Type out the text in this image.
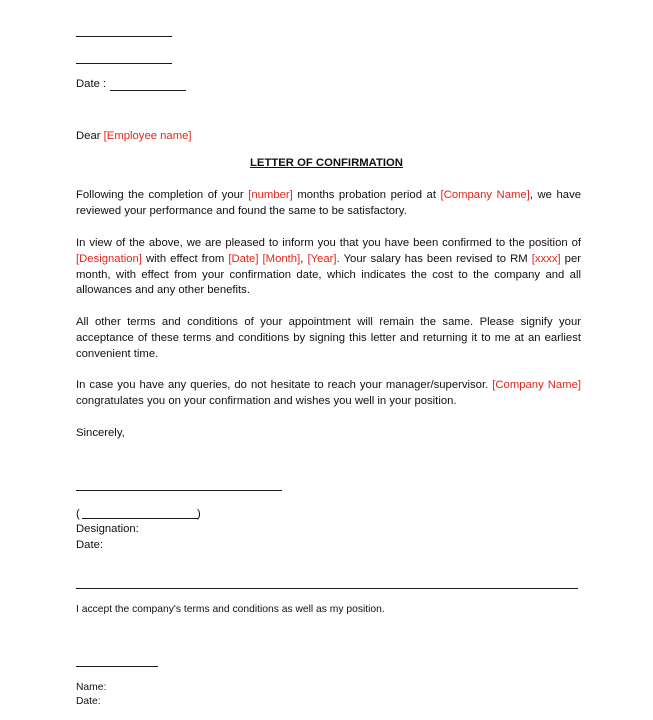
Date :
Dear [Employee name]
LETTER OF CONFIRMATION
Following the completion of your [number] months probation period at [Company Name], we have reviewed your performance and found the same to be satisfactory.
In view of the above, we are pleased to inform you that you have been confirmed to the position of [Designation] with effect from [Date] [Month], [Year]. Your salary has been revised to RM [xxxx] per month, with effect from your confirmation date, which indicates the cost to the company and all allowances and any other benefits.
All other terms and conditions of your appointment will remain the same. Please signify your acceptance of these terms and conditions by signing this letter and returning it to me at an earliest convenient time.
In case you have any queries, do not hesitate to reach your manager/supervisor. [Company Name] congratulates you on your confirmation and wishes you well in your position.
Sincerely,
(	)
Designation:
Date:
I accept the company's terms and conditions as well as my position.
Name:
Date:
